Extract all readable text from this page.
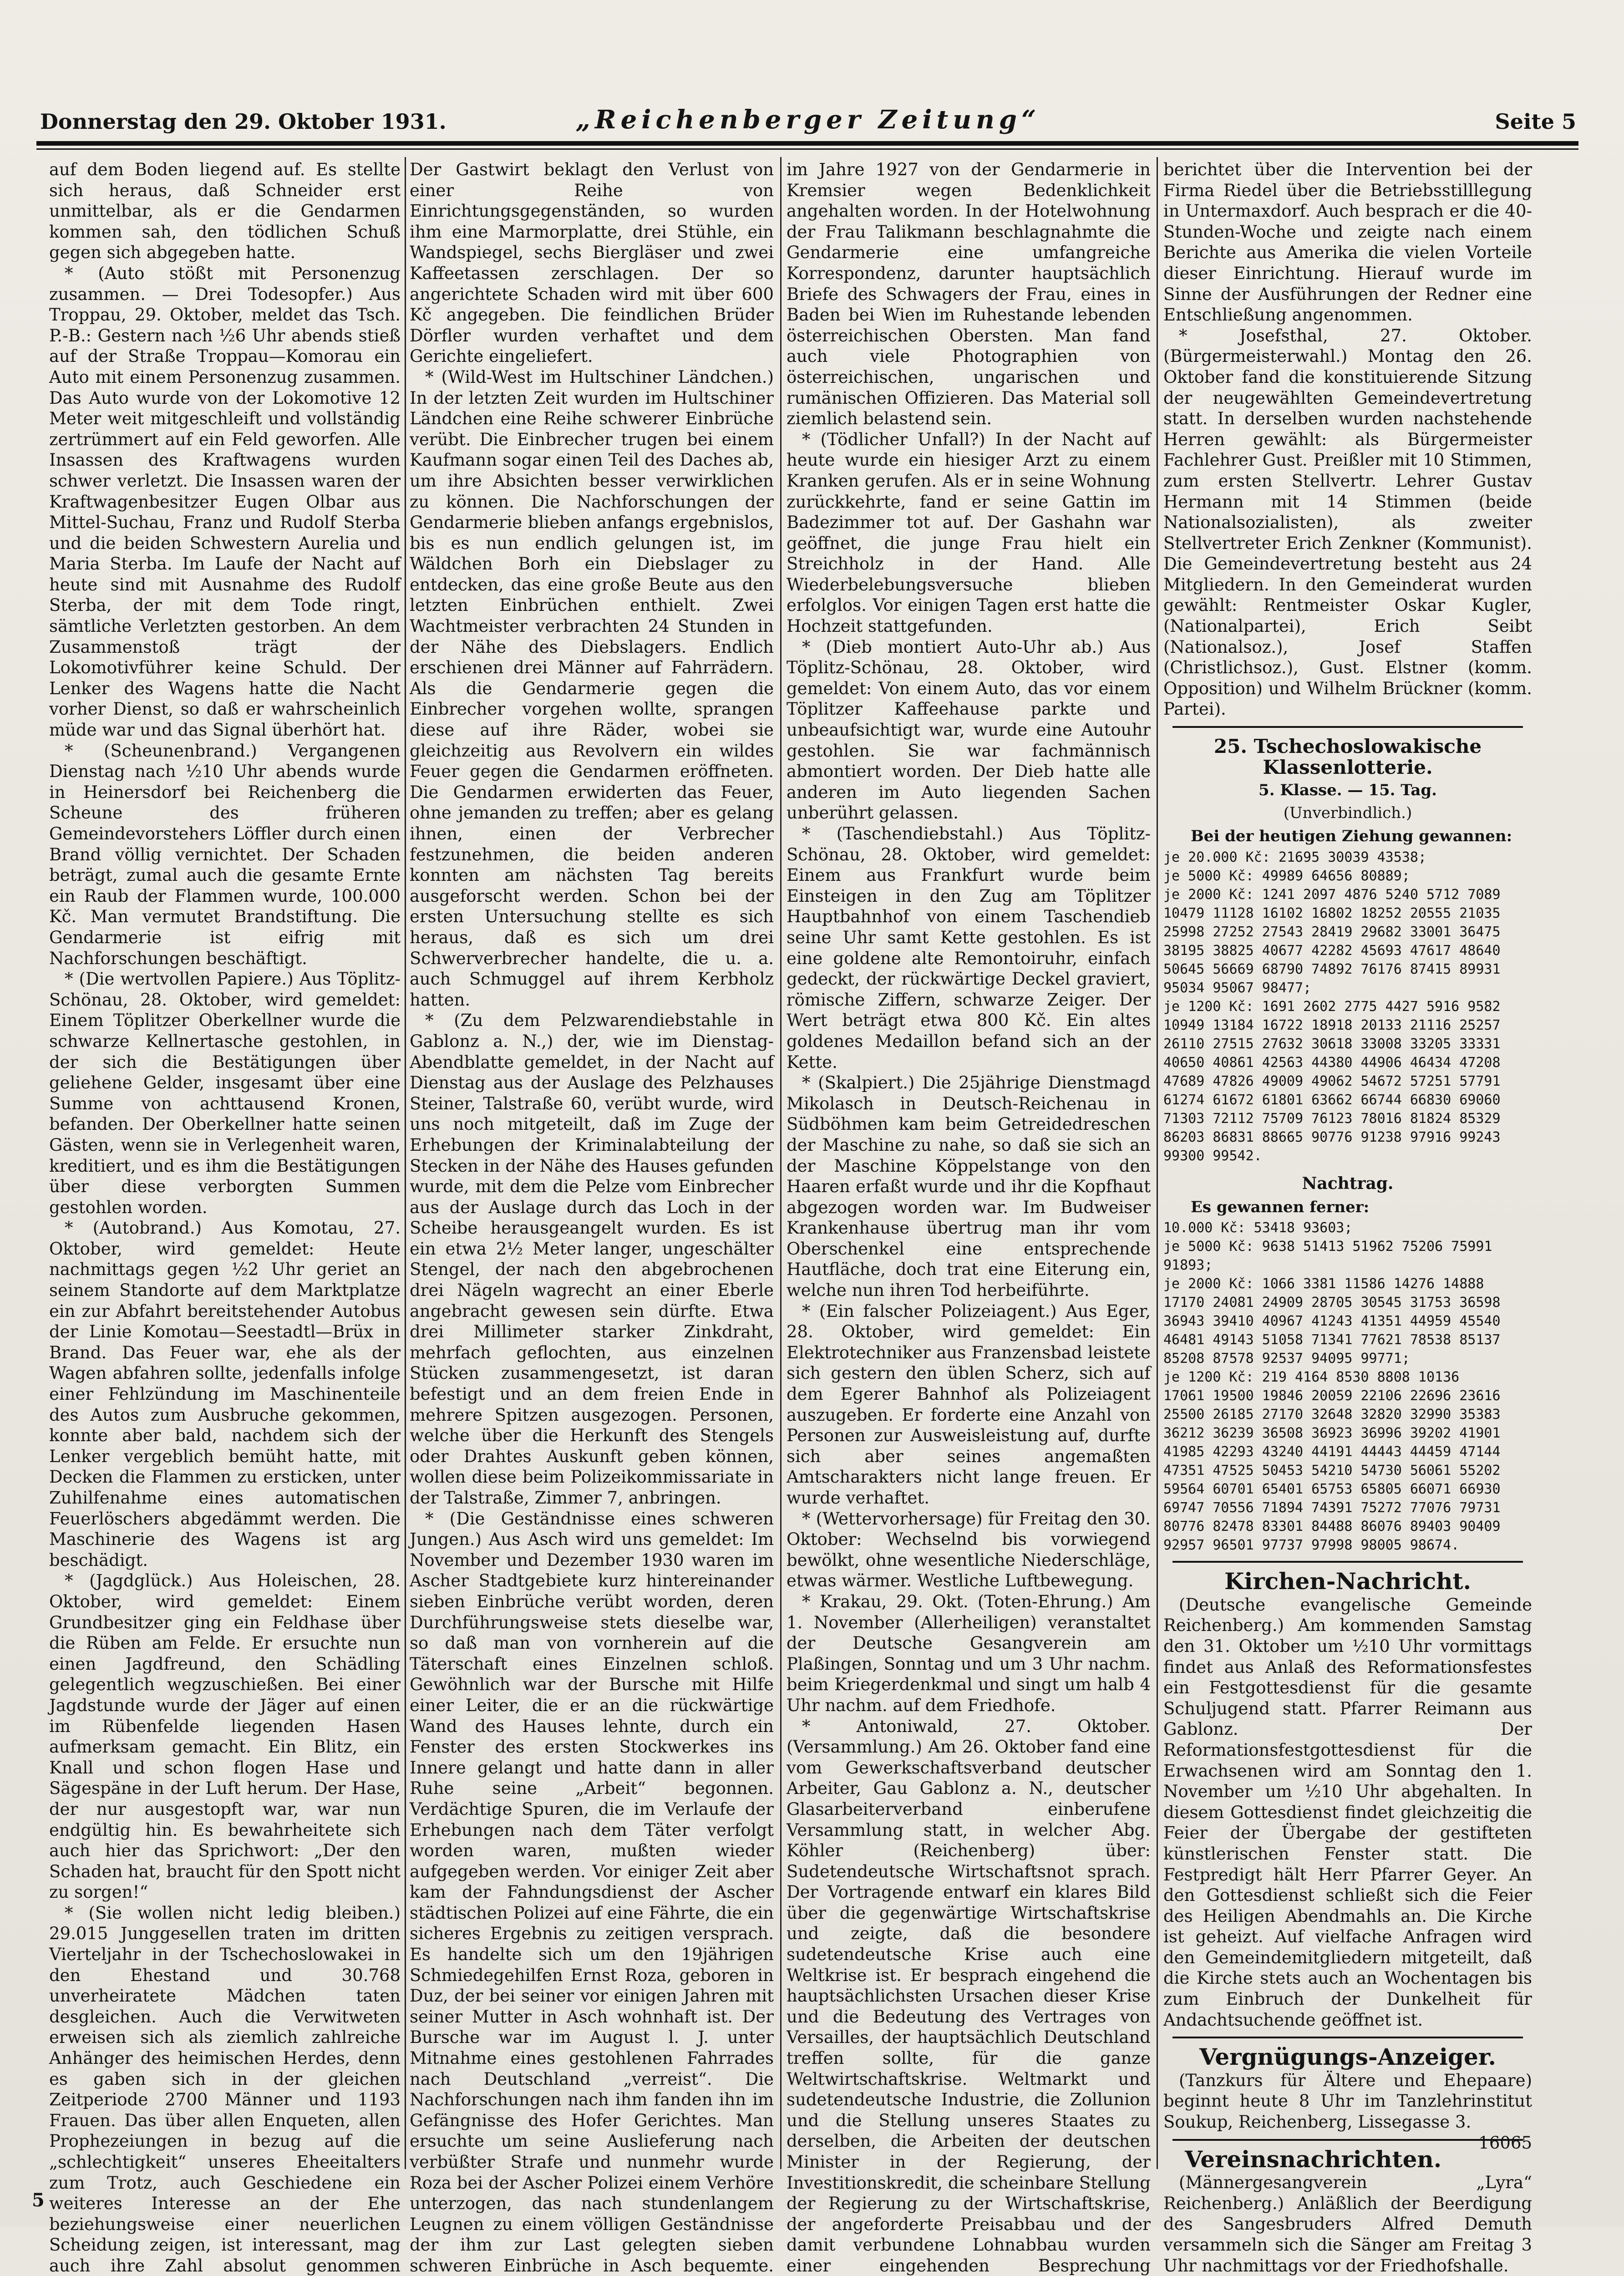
Donnerstag den 29. Oktober 1931.	„Reichenberger Zeitung“	Seite 5

auf dem Boden liegend auf. Es stellte sich heraus, daß Schneider erst unmittelbar, als er die Gendarmen kommen sah, den tödlichen Schuß gegen sich abgegeben hatte.

* (Auto stößt mit Personenzug zusammen. — Drei Todesopfer.) Aus Troppau, 29. Oktober, meldet das Tsch. P.-B.: Gestern nach ½6 Uhr abends stieß auf der Straße Troppau—Komorau ein Auto mit einem Personenzug zusammen. Das Auto wurde von der Lokomotive 12 Meter weit mitgeschleift und vollständig zertrümmert auf ein Feld geworfen. Alle Insassen des Kraftwagens wurden schwer verletzt. Die Insassen waren der Kraftwagenbesitzer Eugen Olbar aus Mittel-Suchau, Franz und Rudolf Sterba und die beiden Schwestern Aurelia und Maria Sterba. Im Laufe der Nacht auf heute sind mit Ausnahme des Rudolf Sterba, der mit dem Tode ringt, sämtliche Verletzten gestorben. An dem Zusammenstoß trägt der Lokomotivführer keine Schuld. Der Lenker des Wagens hatte die Nacht vorher Dienst, so daß er wahrscheinlich müde war und das Signal überhört hat.

* (Scheunenbrand.) Vergangenen Dienstag nach ½10 Uhr abends wurde in Heinersdorf bei Reichenberg die Scheune des früheren Gemeindevorstehers Löffler durch einen Brand völlig vernichtet. Der Schaden beträgt, zumal auch die gesamte Ernte ein Raub der Flammen wurde, 100.000 Kč. Man vermutet Brandstiftung. Die Gendarmerie ist eifrig mit Nachforschungen beschäftigt.

* (Die wertvollen Papiere.) Aus Töplitz-Schönau, 28. Oktober, wird gemeldet: Einem Töplitzer Oberkellner wurde die schwarze Kellnertasche gestohlen, in der sich die Bestätigungen über geliehene Gelder, insgesamt über eine Summe von achttausend Kronen, befanden. Der Oberkellner hatte seinen Gästen, wenn sie in Verlegenheit waren, kreditiert, und es ihm die Bestätigungen über diese verborgten Summen gestohlen worden.

* (Autobrand.) Aus Komotau, 27. Oktober, wird gemeldet: Heute nachmittags gegen ½2 Uhr geriet an seinem Standorte auf dem Marktplatze ein zur Abfahrt bereitstehender Autobus der Linie Komotau—Seestadtl—Brüx in Brand. Das Feuer war, ehe als der Wagen abfahren sollte, jedenfalls infolge einer Fehlzündung im Maschinenteile des Autos zum Ausbruche gekommen, konnte aber bald, nachdem sich der Lenker vergeblich bemüht hatte, mit Decken die Flammen zu ersticken, unter Zuhilfenahme eines automatischen Feuerlöschers abgedämmt werden. Die Maschinerie des Wagens ist arg beschädigt.

* (Jagdglück.) Aus Holeischen, 28. Oktober, wird gemeldet: Einem Grundbesitzer ging ein Feldhase über die Rüben am Felde. Er ersuchte nun einen Jagdfreund, den Schädling gelegentlich wegzuschießen. Bei einer Jagdstunde wurde der Jäger auf einen im Rübenfelde liegenden Hasen aufmerksam gemacht. Ein Blitz, ein Knall und schon flogen Hase und Sägespäne in der Luft herum. Der Hase, der nur ausgestopft war, war nun endgültig hin. Es bewahrheitete sich auch hier das Sprichwort: „Der den Schaden hat, braucht für den Spott nicht zu sorgen!“

* (Sie wollen nicht ledig bleiben.) 29.015 Junggesellen traten im dritten Vierteljahr in der Tschechoslowakei in den Ehestand und 30.768 unverheiratete Mädchen taten desgleichen. Auch die Verwitweten erweisen sich als ziemlich zahlreiche Anhänger des heimischen Herdes, denn es gaben sich in der gleichen Zeitperiode 2700 Männer und 1193 Frauen. Das über allen Enqueten, allen Prophezeiungen in bezug auf die „schlechtigkeit“ unseres Eheeitalters zum Trotz, auch Geschiedene ein weiteres Interesse an der Ehe beziehungsweise einer neuerlichen Scheidung zeigen, ist interessant, mag auch ihre Zahl absolut genommen

Der Gastwirt beklagt den Verlust von einer Reihe von Einrichtungsgegenständen, so wurden ihm eine Marmorplatte, drei Stühle, ein Wandspiegel, sechs Biergläser und zwei Kaffeetassen zerschlagen. Der so angerichtete Schaden wird mit über 600 Kč angegeben. Die feindlichen Brüder Dörfler wurden verhaftet und dem Gerichte eingeliefert.

* (Wild-West im Hultschiner Ländchen.) In der letzten Zeit wurden im Hultschiner Ländchen eine Reihe schwerer Einbrüche verübt. Die Einbrecher trugen bei einem Kaufmann sogar einen Teil des Daches ab, um ihre Absichten besser verwirklichen zu können. Die Nachforschungen der Gendarmerie blieben anfangs ergebnislos, bis es nun endlich gelungen ist, im Wäldchen Borh ein Diebslager zu entdecken, das eine große Beute aus den letzten Einbrüchen enthielt. Zwei Wachtmeister verbrachten 24 Stunden in der Nähe des Diebslagers. Endlich erschienen drei Männer auf Fahrrädern. Als die Gendarmerie gegen die Einbrecher vorgehen wollte, sprangen diese auf ihre Räder, wobei sie gleichzeitig aus Revolvern ein wildes Feuer gegen die Gendarmen eröffneten. Die Gendarmen erwiderten das Feuer, ohne jemanden zu treffen; aber es gelang ihnen, einen der Verbrecher festzunehmen, die beiden anderen konnten am nächsten Tag bereits ausgeforscht werden. Schon bei der ersten Untersuchung stellte es sich heraus, daß es sich um drei Schwerverbrecher handelte, die u. a. auch Schmuggel auf ihrem Kerbholz hatten.

* (Zu dem Pelzwarendiebstahle in Gablonz a. N.,) der, wie im Dienstag-Abendblatte gemeldet, in der Nacht auf Dienstag aus der Auslage des Pelzhauses Steiner, Talstraße 60, verübt wurde, wird uns noch mitgeteilt, daß im Zuge der Erhebungen der Kriminalabteilung der Stecken in der Nähe des Hauses gefunden wurde, mit dem die Pelze vom Einbrecher aus der Auslage durch das Loch in der Scheibe herausgeangelt wurden. Es ist ein etwa 2½ Meter langer, ungeschälter Stengel, der nach den abgebrochenen drei Nägeln wagrecht an einer Eberle angebracht gewesen sein dürfte. Etwa drei Millimeter starker Zinkdraht, mehrfach geflochten, aus einzelnen Stücken zusammengesetzt, ist daran befestigt und an dem freien Ende in mehrere Spitzen ausgezogen. Personen, welche über die Herkunft des Stengels oder Drahtes Auskunft geben können, wollen diese beim Polizeikommissariate in der Talstraße, Zimmer 7, anbringen.

* (Die Geständnisse eines schweren Jungen.) Aus Asch wird uns gemeldet: Im November und Dezember 1930 waren im Ascher Stadtgebiete kurz hintereinander sieben Einbrüche verübt worden, deren Durchführungsweise stets dieselbe war, so daß man von vornherein auf die Täterschaft eines Einzelnen schloß. Gewöhnlich war der Bursche mit Hilfe einer Leiter, die er an die rückwärtige Wand des Hauses lehnte, durch ein Fenster des ersten Stockwerkes ins Innere gelangt und hatte dann in aller Ruhe seine „Arbeit“ begonnen. Verdächtige Spuren, die im Verlaufe der Erhebungen nach dem Täter verfolgt worden waren, mußten wieder aufgegeben werden. Vor einiger Zeit aber kam der Fahndungsdienst der Ascher städtischen Polizei auf eine Fährte, die ein sicheres Ergebnis zu zeitigen versprach. Es handelte sich um den 19jährigen Schmiedegehilfen Ernst Roza, geboren in Duz, der bei seiner vor einigen Jahren mit seiner Mutter in Asch wohnhaft ist. Der Bursche war im August l. J. unter Mitnahme eines gestohlenen Fahrrades nach Deutschland „verreist“. Die Nachforschungen nach ihm fanden ihn im Gefängnisse des Hofer Gerichtes. Man ersuchte um seine Auslieferung nach verbüßter Strafe und nunmehr wurde Roza bei der Ascher Polizei einem Verhöre unterzogen, das nach stundenlangem Leugnen zu einem völligen Geständnisse der ihm zur Last gelegten sieben schweren Einbrüche in Asch bequemte.

im Jahre 1927 von der Gendarmerie in Kremsier wegen Bedenklichkeit angehalten worden. In der Hotelwohnung der Frau Talikmann beschlagnahmte die Gendarmerie eine umfangreiche Korrespondenz, darunter hauptsächlich Briefe des Schwagers der Frau, eines in Baden bei Wien im Ruhestande lebenden österreichischen Obersten. Man fand auch viele Photographien von österreichischen, ungarischen und rumänischen Offizieren. Das Material soll ziemlich belastend sein.

* (Tödlicher Unfall?) In der Nacht auf heute wurde ein hiesiger Arzt zu einem Kranken gerufen. Als er in seine Wohnung zurückkehrte, fand er seine Gattin im Badezimmer tot auf. Der Gashahn war geöffnet, die junge Frau hielt ein Streichholz in der Hand. Alle Wiederbelebungsversuche blieben erfolglos. Vor einigen Tagen erst hatte die Hochzeit stattgefunden.

* (Dieb montiert Auto-Uhr ab.) Aus Töplitz-Schönau, 28. Oktober, wird gemeldet: Von einem Auto, das vor einem Töplitzer Kaffeehause parkte und unbeaufsichtigt war, wurde eine Autouhr gestohlen. Sie war fachmännisch abmontiert worden. Der Dieb hatte alle anderen im Auto liegenden Sachen unberührt gelassen.

* (Taschendiebstahl.) Aus Töplitz-Schönau, 28. Oktober, wird gemeldet: Einem aus Frankfurt wurde beim Einsteigen in den Zug am Töplitzer Hauptbahnhof von einem Taschendieb seine Uhr samt Kette gestohlen. Es ist eine goldene alte Remontoiruhr, einfach gedeckt, der rückwärtige Deckel graviert, römische Ziffern, schwarze Zeiger. Der Wert beträgt etwa 800 Kč. Ein altes goldenes Medaillon befand sich an der Kette.

* (Skalpiert.) Die 25jährige Dienstmagd Mikolasch in Deutsch-Reichenau in Südböhmen kam beim Getreidedreschen der Maschine zu nahe, so daß sie sich an der Maschine Köppelstange von den Haaren erfaßt wurde und ihr die Kopfhaut abgezogen worden war. Im Budweiser Krankenhause übertrug man ihr vom Oberschenkel eine entsprechende Hautfläche, doch trat eine Eiterung ein, welche nun ihren Tod herbeiführte.

* (Ein falscher Polizeiagent.) Aus Eger, 28. Oktober, wird gemeldet: Ein Elektrotechniker aus Franzensbad leistete sich gestern den üblen Scherz, sich auf dem Egerer Bahnhof als Polizeiagent auszugeben. Er forderte eine Anzahl von Personen zur Ausweisleistung auf, durfte sich aber seines angemaßten Amtscharakters nicht lange freuen. Er wurde verhaftet.

* (Wettervorhersage) für Freitag den 30. Oktober: Wechselnd bis vorwiegend bewölkt, ohne wesentliche Niederschläge, etwas wärmer. Westliche Luftbewegung.

* Krakau, 29. Okt. (Toten-Ehrung.) Am 1. November (Allerheiligen) veranstaltet der Deutsche Gesangverein am Plaßingen, Sonntag und um 3 Uhr nachm. beim Kriegerdenkmal und singt um halb 4 Uhr nachm. auf dem Friedhofe.

* Antoniwald, 27. Oktober. (Versammlung.) Am 26. Oktober fand eine vom Gewerkschaftsverband deutscher Arbeiter, Gau Gablonz a. N., deutscher Glasarbeiterverband einberufene Versammlung statt, in welcher Abg. Köhler (Reichenberg) über: Sudetendeutsche Wirtschaftsnot sprach. Der Vortragende entwarf ein klares Bild über die gegenwärtige Wirtschaftskrise und zeigte, daß die besondere sudetendeutsche Krise auch eine Weltkrise ist. Er besprach eingehend die hauptsächlichsten Ursachen dieser Krise und die Bedeutung des Vertrages von Versailles, der hauptsächlich Deutschland treffen sollte, für die ganze Weltwirtschaftskrise. Weltmarkt und sudetendeutsche Industrie, die Zollunion und die Stellung unseres Staates zu derselben, die Arbeiten der deutschen Minister in der Regierung, der Investitionskredit, die scheinbare Stellung der Regierung zu der Wirtschaftskrise, der angeforderte Preisabbau und der damit verbundene Lohnabbau wurden einer eingehenden Besprechung

berichtet über die Intervention bei der Firma Riedel über die Betriebsstilllegung in Untermaxdorf. Auch besprach er die 40-Stunden-Woche und zeigte nach einem Berichte aus Amerika die vielen Vorteile dieser Einrichtung. Hierauf wurde im Sinne der Ausführungen der Redner eine Entschließung angenommen.

* Josefsthal, 27. Oktober. (Bürgermeisterwahl.) Montag den 26. Oktober fand die konstituierende Sitzung der neugewählten Gemeindevertretung statt. In derselben wurden nachstehende Herren gewählt: als Bürgermeister Fachlehrer Gust. Preißler mit 10 Stimmen, zum ersten Stellvertr. Lehrer Gustav Hermann mit 14 Stimmen (beide Nationalsozialisten), als zweiter Stellvertreter Erich Zenkner (Kommunist). Die Gemeindevertretung besteht aus 24 Mitgliedern. In den Gemeinderat wurden gewählt: Rentmeister Oskar Kugler, (Nationalpartei), Erich Seibt (Nationalsoz.), Josef Staffen (Christlichsoz.), Gust. Elstner (komm. Opposition) und Wilhelm Brückner (komm. Partei).

25. Tschechoslowakische Klassenlotterie.
5. Klasse. — 15. Tag.
(Unverbindlich.)
Bei der heutigen Ziehung gewannen:
je 20.000 Kč: 21695 30039 43538;
je 5000 Kč: 49989 64656 80889;
je 2000 Kč: 1241 2097 4876 5240 5712 7089
10479 11128 16102 16802 18252 20555 21035
25998 27252 27543 28419 29682 33001 36475
38195 38825 40677 42282 45693 47617 48640
50645 56669 68790 74892 76176 87415 89931
95034 95067 98477;
je 1200 Kč: 1691 2602 2775 4427 5916 9582
10949 13184 16722 18918 20133 21116 25257
26110 27515 27632 30618 33008 33205 33331
40650 40861 42563 44380 44906 46434 47208
47689 47826 49009 49062 54672 57251 57791
61274 61672 61801 63662 66744 66830 69060
71303 72112 75709 76123 78016 81824 85329
86203 86831 88665 90776 91238 97916 99243
99300 99542.
Nachtrag.
Es gewannen ferner:
10.000 Kč: 53418 93603;
je 5000 Kč: 9638 51413 51962 75206 75991
91893;
je 2000 Kč: 1066 3381 11586 14276 14888
17170 24081 24909 28705 30545 31753 36598
36943 39410 40967 41243 41351 44959 45540
46481 49143 51058 71341 77621 78538 85137
85208 87578 92537 94095 99771;
je 1200 Kč: 219 4164 8530 8808 10136
17061 19500 19846 20059 22106 22696 23616
25500 26185 27170 32648 32820 32990 35383
36212 36239 36508 36923 36996 39202 41901
41985 42293 43240 44191 44443 44459 47144
47351 47525 50453 54210 54730 56061 55202
59564 60701 65401 65753 65805 66071 66930
69747 70556 71894 74391 75272 77076 79731
80776 82478 83301 84488 86076 89403 90409
92957 96501 97737 97998 98005 98674.
Kirchen-Nachricht.

(Deutsche evangelische Gemeinde Reichenberg.) Am kommenden Samstag den 31. Oktober um ½10 Uhr vormittags findet aus Anlaß des Reformationsfestes ein Festgottesdienst für die gesamte Schuljugend statt. Pfarrer Reimann aus Gablonz. Der Reformationsfestgottesdienst für die Erwachsenen wird am Sonntag den 1. November um ½10 Uhr abgehalten. In diesem Gottesdienst findet gleichzeitig die Feier der Übergabe der gestifteten künstlerischen Fenster statt. Die Festpredigt hält Herr Pfarrer Geyer. An den Gottesdienst schließt sich die Feier des Heiligen Abendmahls an. Die Kirche ist geheizt. Auf vielfache Anfragen wird den Gemeindemitgliedern mitgeteilt, daß die Kirche stets auch an Wochentagen bis zum Einbruch der Dunkelheit für Andachtsuchende geöffnet ist.

Vergnügungs-Anzeiger.

(Tanzkurs für Ältere und Ehepaare) beginnt heute 8 Uhr im Tanzlehrinstitut Soukup, Reichenberg, Lissegasse 3.
16065

Vereinsnachrichten.

(Männergesangverein „Lyra“ Reichenberg.) Anläßlich der Beerdigung des Sangesbruders Alfred Demuth versammeln sich die Sänger am Freitag 3 Uhr nachmittags vor der Friedhofshalle.

5
